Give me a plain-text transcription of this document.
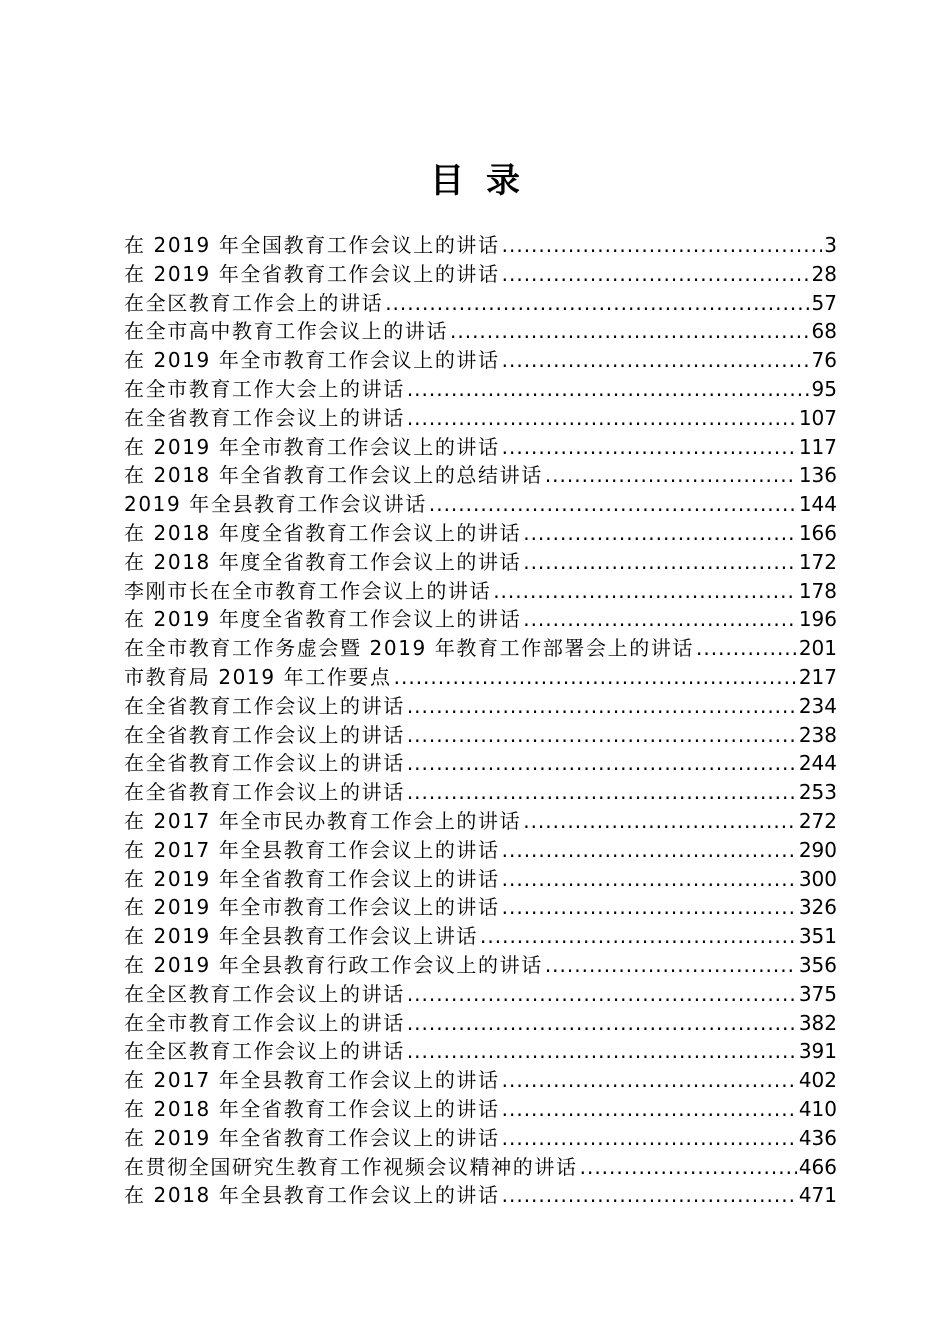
目录
在 2019 年全国教育工作会议上的讲话 .....	3
在 2019 年全省教育工作会议上的讲话 .....	28
在全区教育工作会上的讲话 .....	57
在全市高中教育工作会议上的讲话 .....	68
在 2019 年全市教育工作会议上的讲话 .....	76
在全市教育工作大会上的讲话 .....	95
在全省教育工作会议上的讲话 .....	107
在 2019 年全市教育工作会议上的讲话 .....	117
在 2018 年全省教育工作会议上的总结讲话 .....	136
2019 年全县教育工作会议讲话 .....	144
在 2018 年度全省教育工作会议上的讲话 .....	166
在 2018 年度全省教育工作会议上的讲话 .....	172
李刚市长在全市教育工作会议上的讲话 .....	178
在 2019 年度全省教育工作会议上的讲话 .....	196
在全市教育工作务虚会暨 2019 年教育工作部署会上的讲话 .....	201
市教育局 2019 年工作要点 .....	217
在全省教育工作会议上的讲话 .....	234
在全省教育工作会议上的讲话 .....	238
在全省教育工作会议上的讲话 .....	244
在全省教育工作会议上的讲话 .....	253
在 2017 年全市民办教育工作会上的讲话 .....	272
在 2017 年全县教育工作会议上的讲话 .....	290
在 2019 年全省教育工作会议上的讲话 .....	300
在 2019 年全市教育工作会议上的讲话 .....	326
在 2019 年全县教育工作会议上讲话 .....	351
在 2019 年全县教育行政工作会议上的讲话 .....	356
在全区教育工作会议上的讲话 .....	375
在全市教育工作会议上的讲话 .....	382
在全区教育工作会议上的讲话 .....	391
在 2017 年全县教育工作会议上的讲话 .....	402
在 2018 年全省教育工作会议上的讲话 .....	410
在 2019 年全省教育工作会议上的讲话 .....	436
在贯彻全国研究生教育工作视频会议精神的讲话 .....	466
在 2018 年全县教育工作会议上的讲话 .....	471
